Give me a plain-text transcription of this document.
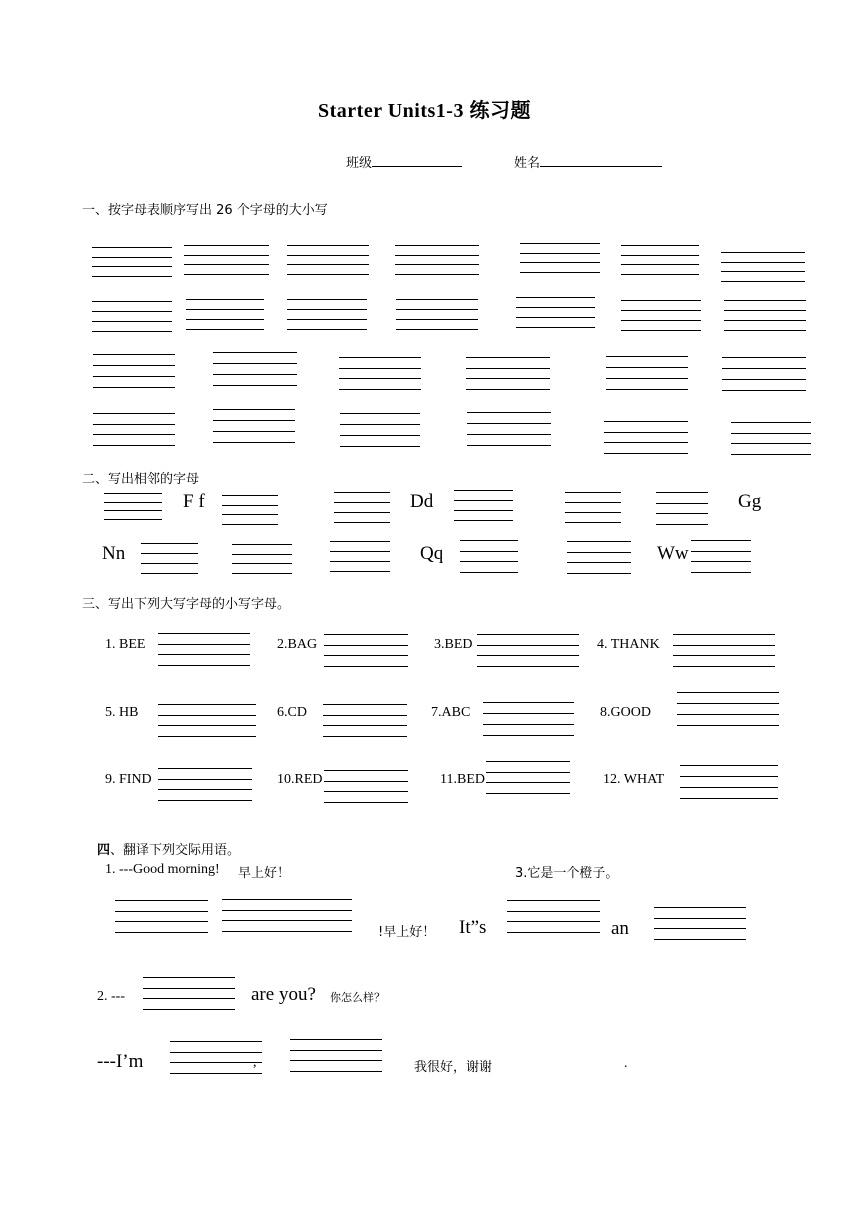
Starter Units1-3 练习题
班级	姓名
一、按字母表顺序写出 26 个字母的大小写
二、写出相邻的字母
F f	Dd	Gg
Nn	Qq	Ww
三、写出下列大写字母的小写字母。
1. BEE	2.BAG	3.BED	4. THANK
5. HB	6.CD	7.ABC	8.GOOD
9. FIND	10.RED	11.BED	12. WHAT
四、翻译下列交际用语。
1. ---Good morning! 早上好！	3.它是一个橙子。
!早上好！ It”s	an
2. ---	are you? 你怎么样？
---I’m	,	我很好，谢谢	.
